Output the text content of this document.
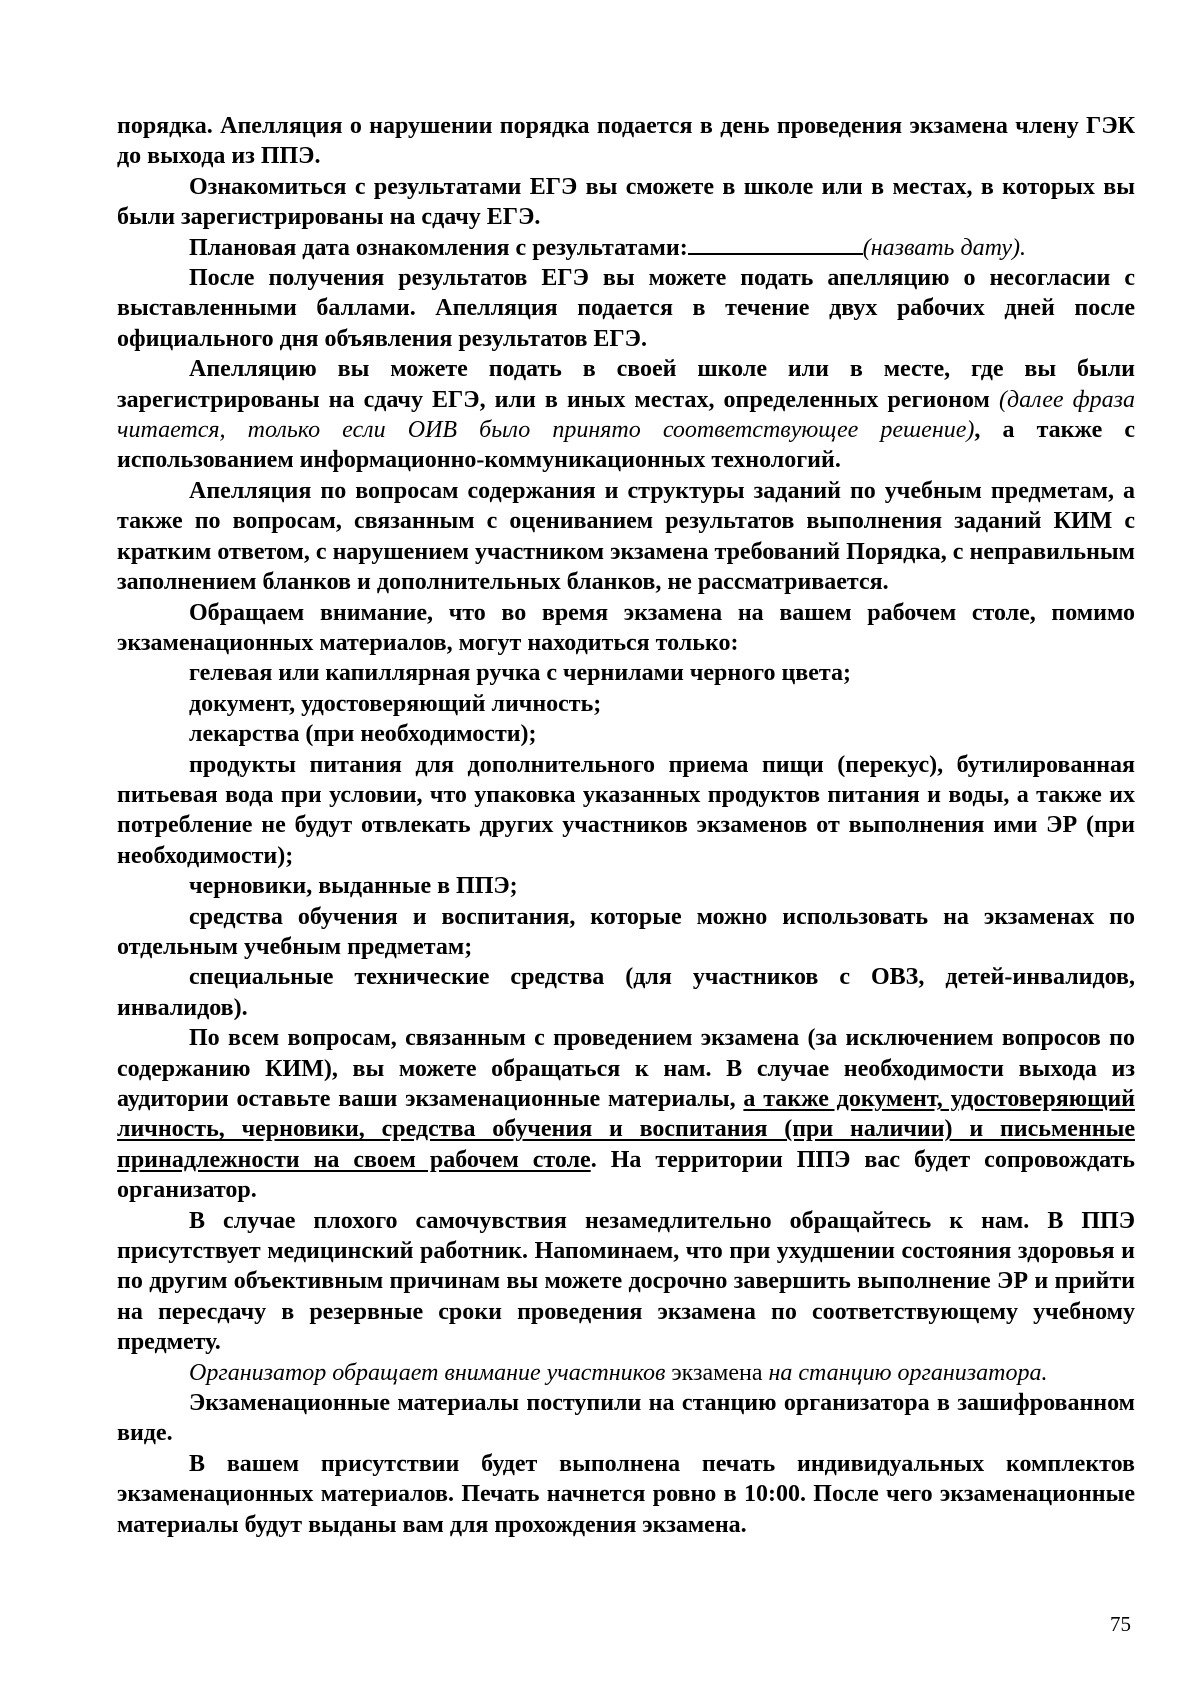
порядка. Апелляция о нарушении порядка подается в день проведения экзамена члену ГЭК до выхода из ППЭ.

Ознакомиться с результатами ЕГЭ вы сможете в школе или в местах, в которых вы были зарегистрированы на сдачу ЕГЭ.

Плановая дата ознакомления с результатами:	(назвать дату).

После получения результатов ЕГЭ вы можете подать апелляцию о несогласии с выставленными баллами. Апелляция подается в течение двух рабочих дней после официального дня объявления результатов ЕГЭ.

Апелляцию вы можете подать в своей школе или в месте, где вы были зарегистрированы на сдачу ЕГЭ, или в иных местах, определенных регионом (далее фраза читается, только если ОИВ было принято соответствующее решение), а также с использованием информационно-коммуникационных технологий.

Апелляция по вопросам содержания и структуры заданий по учебным предметам, а также по вопросам, связанным с оцениванием результатов выполнения заданий КИМ с кратким ответом, с нарушением участником экзамена требований Порядка, с неправильным заполнением бланков и дополнительных бланков, не рассматривается.

Обращаем внимание, что во время экзамена на вашем рабочем столе, помимо экзаменационных материалов, могут находиться только:

гелевая или капиллярная ручка с чернилами черного цвета;

документ, удостоверяющий личность;

лекарства (при необходимости);

продукты питания для дополнительного приема пищи (перекус), бутилированная питьевая вода при условии, что упаковка указанных продуктов питания и воды, а также их потребление не будут отвлекать других участников экзаменов от выполнения ими ЭР (при необходимости);

черновики, выданные в ППЭ;

средства обучения и воспитания, которые можно использовать на экзаменах по отдельным учебным предметам;

специальные технические средства (для участников с ОВЗ, детей-инвалидов, инвалидов).

По всем вопросам, связанным с проведением экзамена (за исключением вопросов по содержанию КИМ), вы можете обращаться к нам. В случае необходимости выхода из аудитории оставьте ваши экзаменационные материалы, а также документ, удостоверяющий личность, черновики, средства обучения и воспитания (при наличии) и письменные принадлежности на своем рабочем столе. На территории ППЭ вас будет сопровождать организатор.

В случае плохого самочувствия незамедлительно обращайтесь к нам. В ППЭ присутствует медицинский работник. Напоминаем, что при ухудшении состояния здоровья и по другим объективным причинам вы можете досрочно завершить выполнение ЭР и прийти на пересдачу в резервные сроки проведения экзамена по соответствующему учебному предмету.

Организатор обращает внимание участников экзамена на станцию организатора.

Экзаменационные материалы поступили на станцию организатора в зашифрованном виде.

В вашем присутствии будет выполнена печать индивидуальных комплектов экзаменационных материалов. Печать начнется ровно в 10:00. После чего экзаменационные материалы будут выданы вам для прохождения экзамена.

75
